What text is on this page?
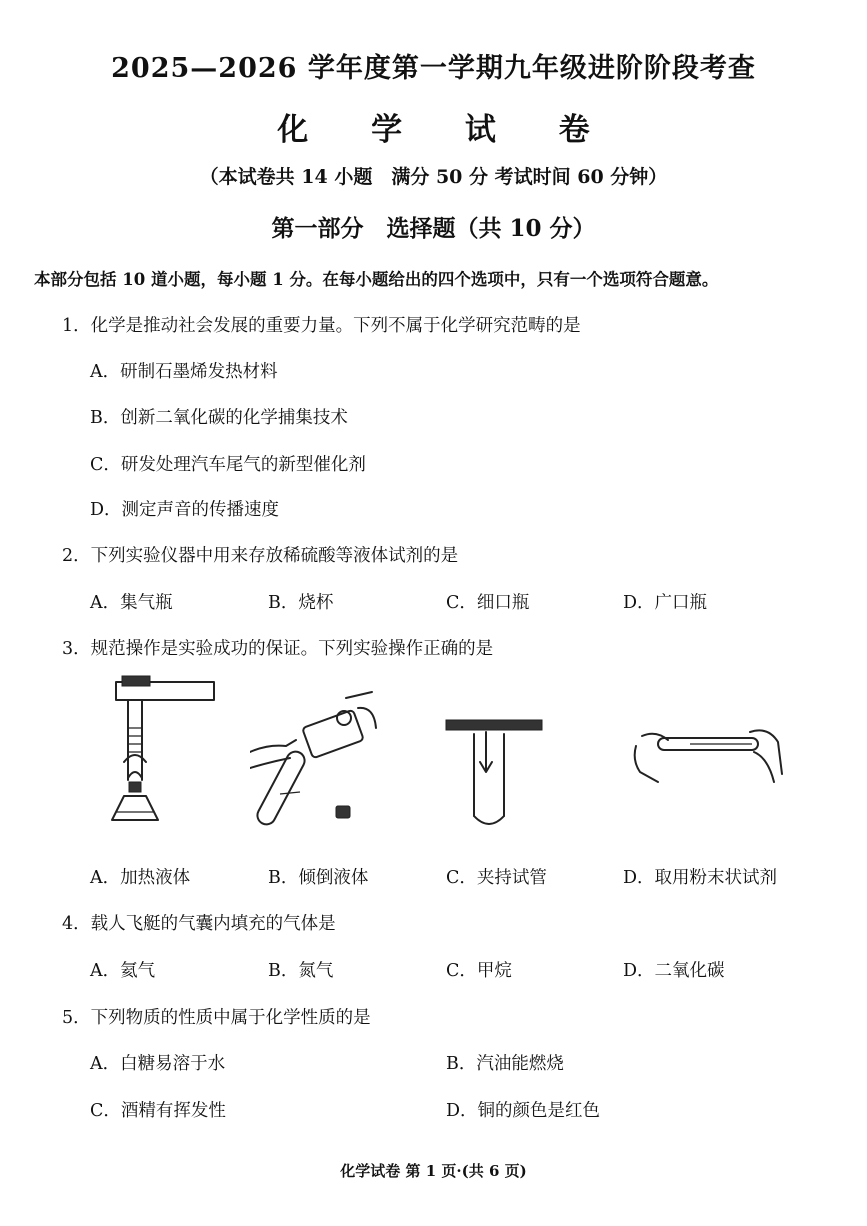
2025—2026 学年度第一学期九年级进阶阶段考查
化 学 试 卷
（本试卷共 14 小题　满分 50 分 考试时间 60 分钟）
第一部分　选择题（共 10 分）
本部分包括 10 道小题，每小题 1 分。在每小题给出的四个选项中，只有一个选项符合题意。
1．化学是推动社会发展的重要力量。下列不属于化学研究范畴的是
A．研制石墨烯发热材料
B．创新二氧化碳的化学捕集技术
C．研发处理汽车尾气的新型催化剂
D．测定声音的传播速度
2．下列实验仪器中用来存放稀硫酸等液体试剂的是
A．集气瓶	B．烧杯	C．细口瓶	D．广口瓶
3．规范操作是实验成功的保证。下列实验操作正确的是
A．加热液体	B．倾倒液体	C．夹持试管	D．取用粉末状试剂
4．载人飞艇的气囊内填充的气体是
A．氦气	B．氮气	C．甲烷	D．二氧化碳
5．下列物质的性质中属于化学性质的是
A．白糖易溶于水	B．汽油能燃烧
C．酒精有挥发性	D．铜的颜色是红色
化学试卷 第 1 页·(共 6 页)
